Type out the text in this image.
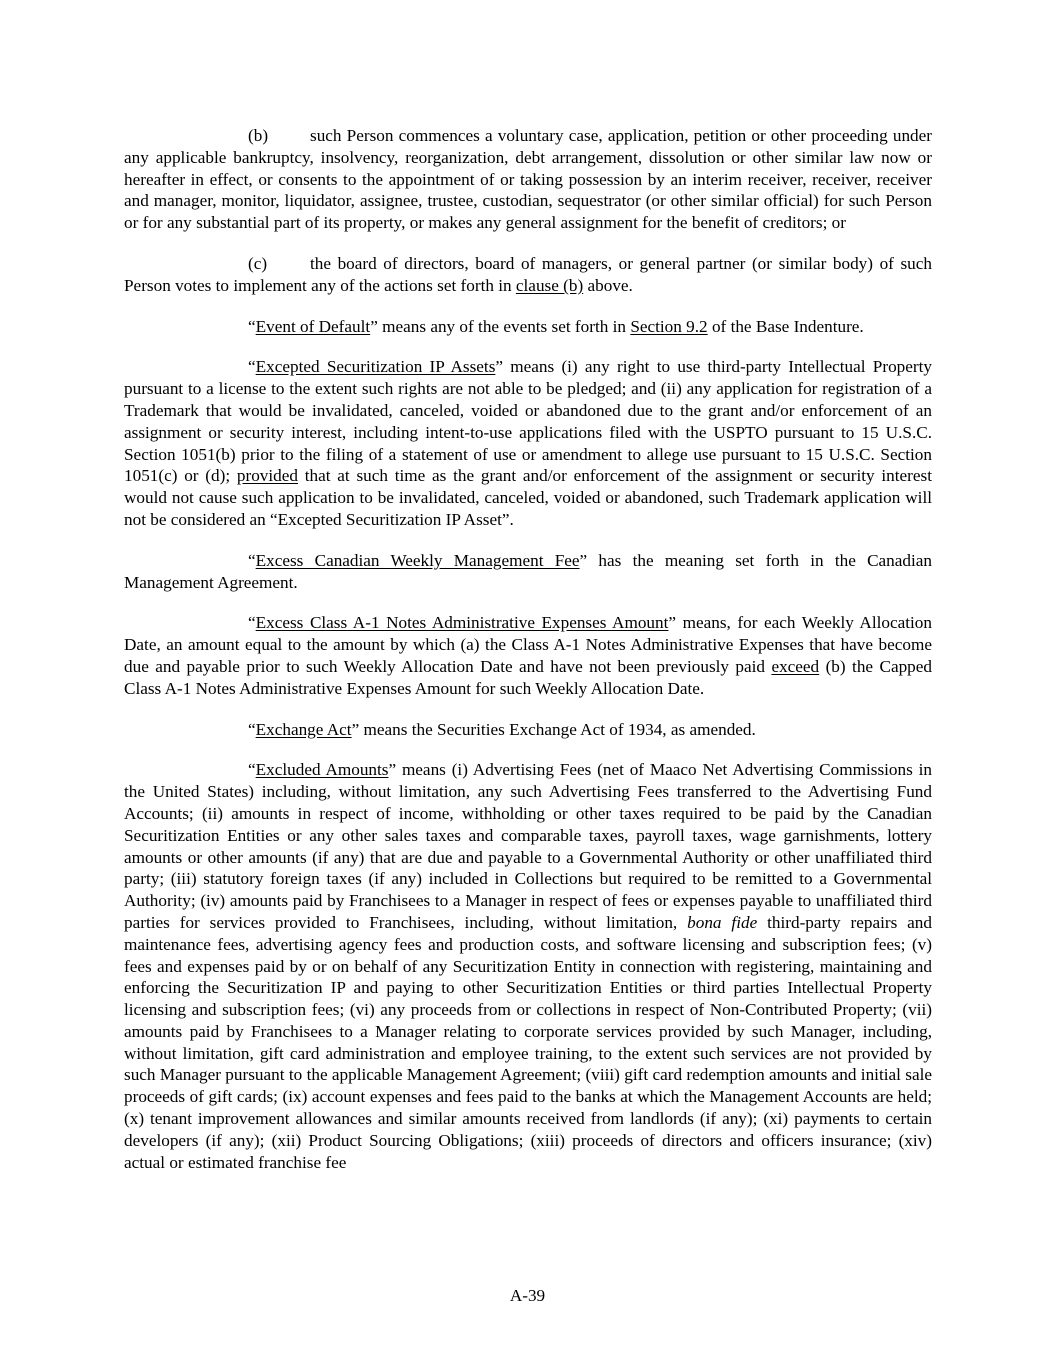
(b) such Person commences a voluntary case, application, petition or other proceeding under any applicable bankruptcy, insolvency, reorganization, debt arrangement, dissolution or other similar law now or hereafter in effect, or consents to the appointment of or taking possession by an interim receiver, receiver, receiver and manager, monitor, liquidator, assignee, trustee, custodian, sequestrator (or other similar official) for such Person or for any substantial part of its property, or makes any general assignment for the benefit of creditors; or

(c) the board of directors, board of managers, or general partner (or similar body) of such Person votes to implement any of the actions set forth in clause (b) above.

“Event of Default” means any of the events set forth in Section 9.2 of the Base Indenture.

“Excepted Securitization IP Assets” means (i) any right to use third-party Intellectual Property pursuant to a license to the extent such rights are not able to be pledged; and (ii) any application for registration of a Trademark that would be invalidated, canceled, voided or abandoned due to the grant and/or enforcement of an assignment or security interest, including intent-to-use applications filed with the USPTO pursuant to 15 U.S.C. Section 1051(b) prior to the filing of a statement of use or amendment to allege use pursuant to 15 U.S.C. Section 1051(c) or (d); provided that at such time as the grant and/or enforcement of the assignment or security interest would not cause such application to be invalidated, canceled, voided or abandoned, such Trademark application will not be considered an “Excepted Securitization IP Asset”.

“Excess Canadian Weekly Management Fee” has the meaning set forth in the Canadian Management Agreement.

“Excess Class A-1 Notes Administrative Expenses Amount” means, for each Weekly Allocation Date, an amount equal to the amount by which (a) the Class A-1 Notes Administrative Expenses that have become due and payable prior to such Weekly Allocation Date and have not been previously paid exceed (b) the Capped Class A-1 Notes Administrative Expenses Amount for such Weekly Allocation Date.

“Exchange Act” means the Securities Exchange Act of 1934, as amended.

“Excluded Amounts” means (i) Advertising Fees (net of Maaco Net Advertising Commissions in the United States) including, without limitation, any such Advertising Fees transferred to the Advertising Fund Accounts; (ii) amounts in respect of income, withholding or other taxes required to be paid by the Canadian Securitization Entities or any other sales taxes and comparable taxes, payroll taxes, wage garnishments, lottery amounts or other amounts (if any) that are due and payable to a Governmental Authority or other unaffiliated third party; (iii) statutory foreign taxes (if any) included in Collections but required to be remitted to a Governmental Authority; (iv) amounts paid by Franchisees to a Manager in respect of fees or expenses payable to unaffiliated third parties for services provided to Franchisees, including, without limitation, bona fide third-party repairs and maintenance fees, advertising agency fees and production costs, and software licensing and subscription fees; (v) fees and expenses paid by or on behalf of any Securitization Entity in connection with registering, maintaining and enforcing the Securitization IP and paying to other Securitization Entities or third parties Intellectual Property licensing and subscription fees; (vi) any proceeds from or collections in respect of Non-Contributed Property; (vii) amounts paid by Franchisees to a Manager relating to corporate services provided by such Manager, including, without limitation, gift card administration and employee training, to the extent such services are not provided by such Manager pursuant to the applicable Management Agreement; (viii) gift card redemption amounts and initial sale proceeds of gift cards; (ix) account expenses and fees paid to the banks at which the Management Accounts are held; (x) tenant improvement allowances and similar amounts received from landlords (if any); (xi) payments to certain developers (if any); (xii) Product Sourcing Obligations; (xiii) proceeds of directors and officers insurance; (xiv) actual or estimated franchise fee

A-39
